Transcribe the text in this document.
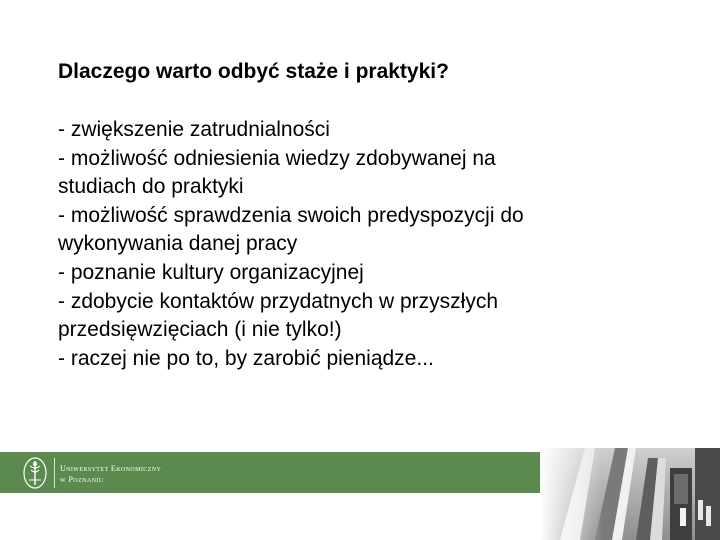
Dlaczego warto odbyć staże i praktyki?
- zwiększenie zatrudnialności
- możliwość odniesienia wiedzy zdobywanej na
studiach do praktyki
- możliwość sprawdzenia swoich predyspozycji do
wykonywania danej pracy
- poznanie kultury organizacyjnej
- zdobycie kontaktów przydatnych w przyszłych
przedsięwzięciach (i nie tylko!)
- raczej nie po to, by zarobić pieniądze...
Uniwersytet Ekonomiczny
w Poznaniu
